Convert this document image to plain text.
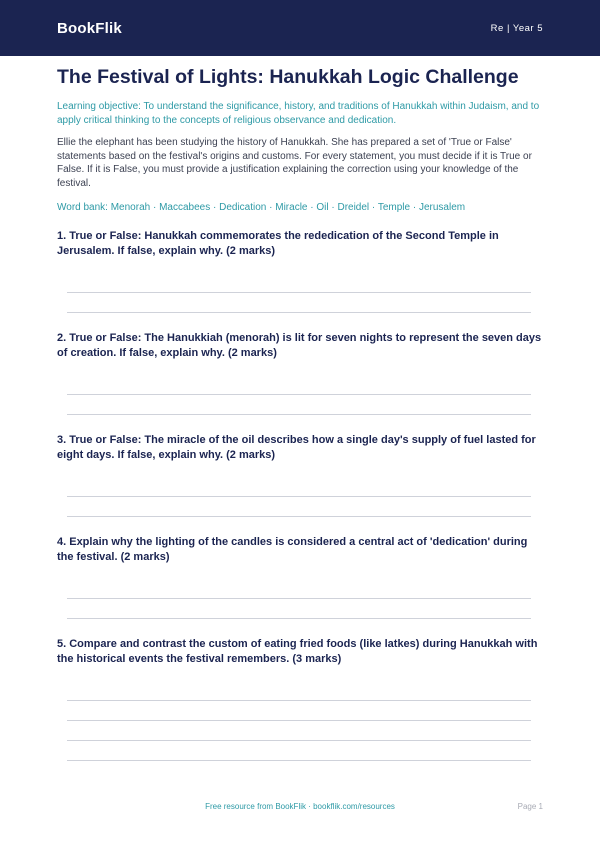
BookFlik	Re | Year 5
The Festival of Lights: Hanukkah Logic Challenge

Learning objective: To understand the significance, history, and traditions of Hanukkah within Judaism, and to apply critical thinking to the concepts of religious observance and dedication.

Ellie the elephant has been studying the history of Hanukkah. She has prepared a set of 'True or False' statements based on the festival's origins and customs. For every statement, you must decide if it is True or False. If it is False, you must provide a justification explaining the correction using your knowledge of the festival.

Word bank: Menorah · Maccabees · Dedication · Miracle · Oil · Dreidel · Temple · Jerusalem

1. True or False: Hanukkah commemorates the rededication of the Second Temple in Jerusalem. If false, explain why. (2 marks)

2. True or False: The Hanukkiah (menorah) is lit for seven nights to represent the seven days of creation. If false, explain why. (2 marks)

3. True or False: The miracle of the oil describes how a single day's supply of fuel lasted for eight days. If false, explain why. (2 marks)

4. Explain why the lighting of the candles is considered a central act of 'dedication' during the festival. (2 marks)

5. Compare and contrast the custom of eating fried foods (like latkes) during Hanukkah with the historical events the festival remembers. (3 marks)

Free resource from BookFlik · bookflik.com/resources	Page 1
